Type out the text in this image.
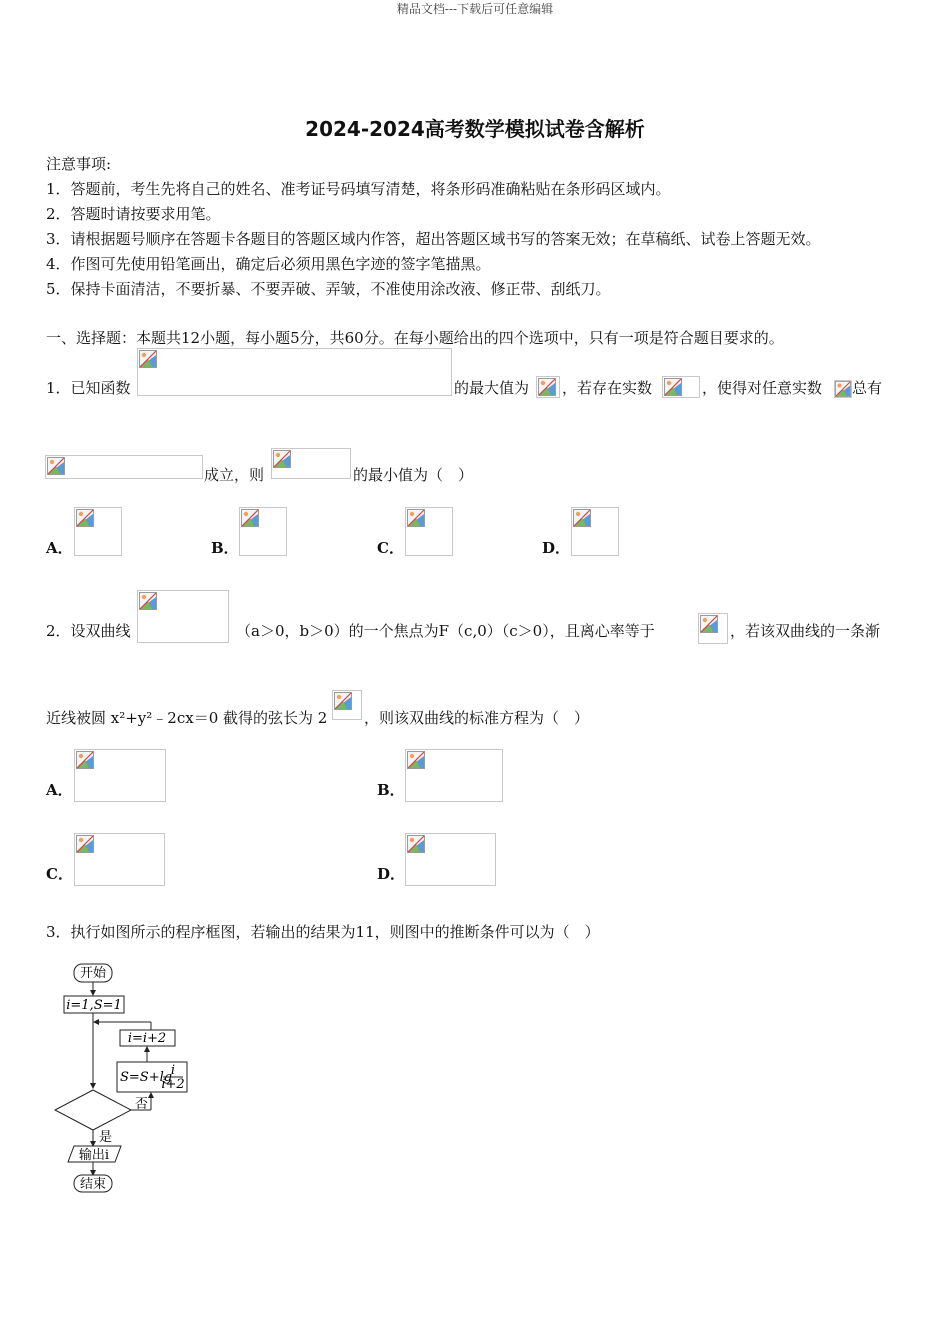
精品文档---下载后可任意编辑
2024-2024高考数学模拟试卷含解析
注意事项:
1．答题前，考生先将自己的姓名、准考证号码填写清楚，将条形码准确粘贴在条形码区域内。
2．答题时请按要求用笔。
3．请根据题号顺序在答题卡各题目的答题区域内作答，超出答题区域书写的答案无效；在草稿纸、试卷上答题无效。
4．作图可先使用铅笔画出，确定后必须用黑色字迹的签字笔描黑。
5．保持卡面清洁，不要折暴、不要弄破、弄皱，不准使用涂改液、修正带、刮纸刀。
一、选择题：本题共12小题，每小题5分，共60分。在每小题给出的四个选项中，只有一项是符合题目要求的。
1．已知函数	的最大值为 ，若存在实数	，使得对任意实数 总有
成立，则	的最小值为（　）
A．	B．	C．	D．
2．设双曲线	（a＞0，b＞0）的一个焦点为F（c,0）（c＞0），且离心率等于	，若该双曲线的一条渐
近线被圆 x²+y²﹣2cx＝0 截得的弦长为 2 ，则该双曲线的标准方程为（　）
A．	B．
C．	D．
3．执行如图所示的程序框图，若输出的结果为11，则图中的推断条件可以为（　）
开始
i=1,S=1
i=i+2
S=S+lg
i
i+2
否
是
输出i
结束
